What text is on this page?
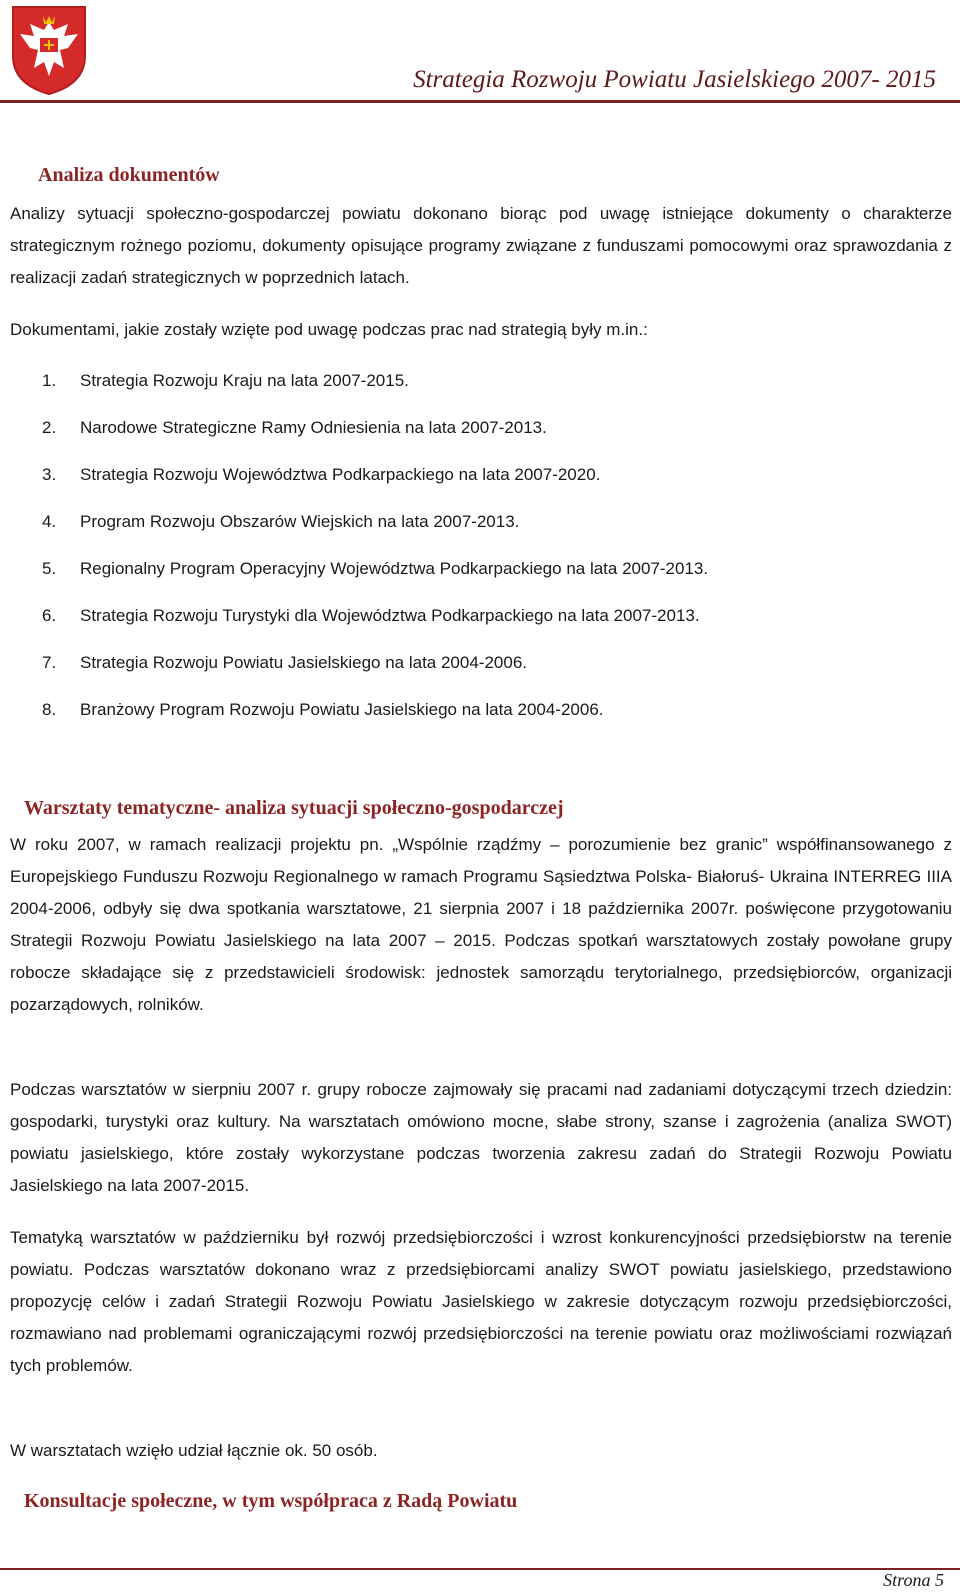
Strategia Rozwoju Powiatu Jasielskiego 2007- 2015
Analiza dokumentów

Analizy sytuacji społeczno-gospodarczej powiatu dokonano biorąc pod uwagę istniejące dokumenty o charakterze strategicznym rożnego poziomu, dokumenty opisujące programy związane z funduszami pomocowymi oraz sprawozdania z realizacji zadań strategicznych w poprzednich latach.

Dokumentami, jakie zostały wzięte pod uwagę podczas prac nad strategią były m.in.:

1. Strategia Rozwoju Kraju na lata 2007-2015.
2. Narodowe Strategiczne Ramy Odniesienia na lata 2007-2013.
3. Strategia Rozwoju Województwa Podkarpackiego na lata 2007-2020.
4. Program Rozwoju Obszarów Wiejskich na lata 2007-2013.
5. Regionalny Program Operacyjny Województwa Podkarpackiego na lata 2007-2013.
6. Strategia Rozwoju Turystyki dla Województwa Podkarpackiego na lata 2007-2013.
7. Strategia Rozwoju Powiatu Jasielskiego na lata 2004-2006.
8. Branżowy Program Rozwoju Powiatu Jasielskiego na lata 2004-2006.
Warsztaty tematyczne- analiza sytuacji społeczno-gospodarczej

W roku 2007, w ramach realizacji projektu pn. „Wspólnie rządźmy – porozumienie bez granic” współfinansowanego z Europejskiego Funduszu Rozwoju Regionalnego w ramach Programu Sąsiedztwa Polska- Białoruś- Ukraina INTERREG IIIA 2004-2006, odbyły się dwa spotkania warsztatowe, 21 sierpnia 2007 i 18 października 2007r. poświęcone przygotowaniu Strategii Rozwoju Powiatu Jasielskiego na lata 2007 – 2015. Podczas spotkań warsztatowych zostały powołane grupy robocze składające się z przedstawicieli środowisk: jednostek samorządu terytorialnego, przedsiębiorców, organizacji pozarządowych, rolników.

Podczas warsztatów w sierpniu 2007 r. grupy robocze zajmowały się pracami nad zadaniami dotyczącymi trzech dziedzin: gospodarki, turystyki oraz kultury. Na warsztatach omówiono mocne, słabe strony, szanse i zagrożenia (analiza SWOT) powiatu jasielskiego, które zostały wykorzystane podczas tworzenia zakresu zadań do Strategii Rozwoju Powiatu Jasielskiego na lata 2007-2015.

Tematyką warsztatów w październiku był rozwój przedsiębiorczości i wzrost konkurencyjności przedsiębiorstw na terenie powiatu. Podczas warsztatów dokonano wraz z przedsiębiorcami analizy SWOT powiatu jasielskiego, przedstawiono propozycję celów i zadań Strategii Rozwoju Powiatu Jasielskiego w zakresie dotyczącym rozwoju przedsiębiorczości, rozmawiano nad problemami ograniczającymi rozwój przedsiębiorczości na terenie powiatu oraz możliwościami rozwiązań tych problemów.

W warsztatach wzięło udział łącznie ok. 50 osób.

Konsultacje społeczne, w tym współpraca z Radą Powiatu
Strona 5
